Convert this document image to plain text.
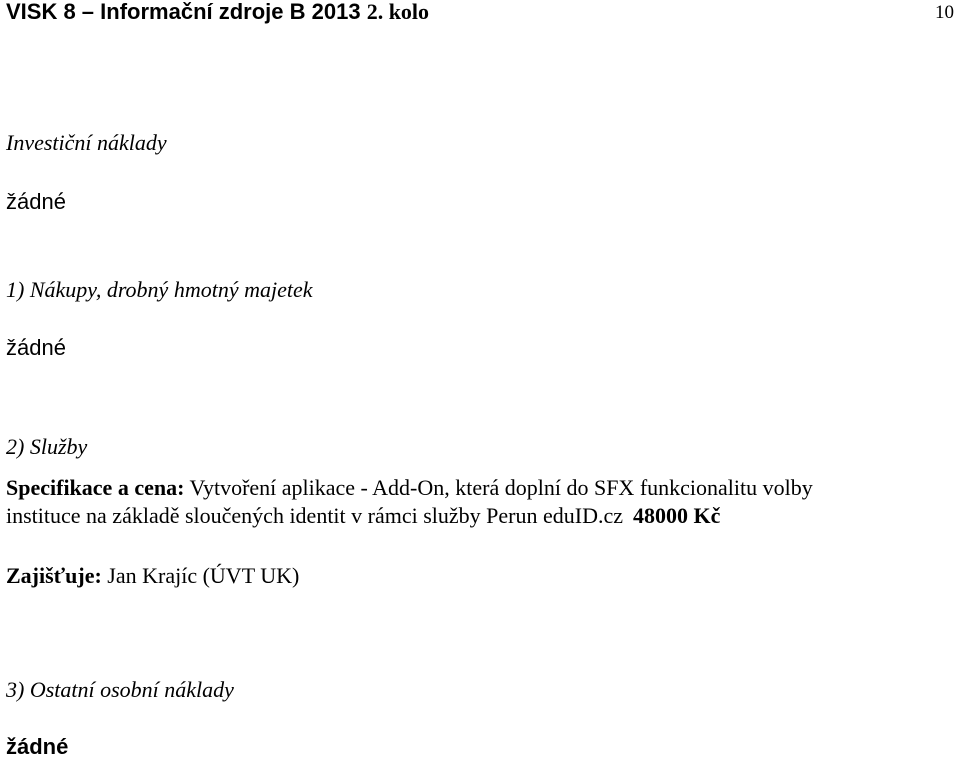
VISK 8 – Informační zdroje B 2013 2. kolo	10
Investiční náklady
žádné
1) Nákupy, drobný hmotný majetek
žádné
2) Služby
Specifikace a cena: Vytvoření aplikace - Add-On, která doplní do SFX funkcionalitu volby
instituce na základě sloučených identit v rámci služby Perun eduID.cz 48000 Kč
Zajišťuje: Jan Krajíc (ÚVT UK)
3) Ostatní osobní náklady
žádné
